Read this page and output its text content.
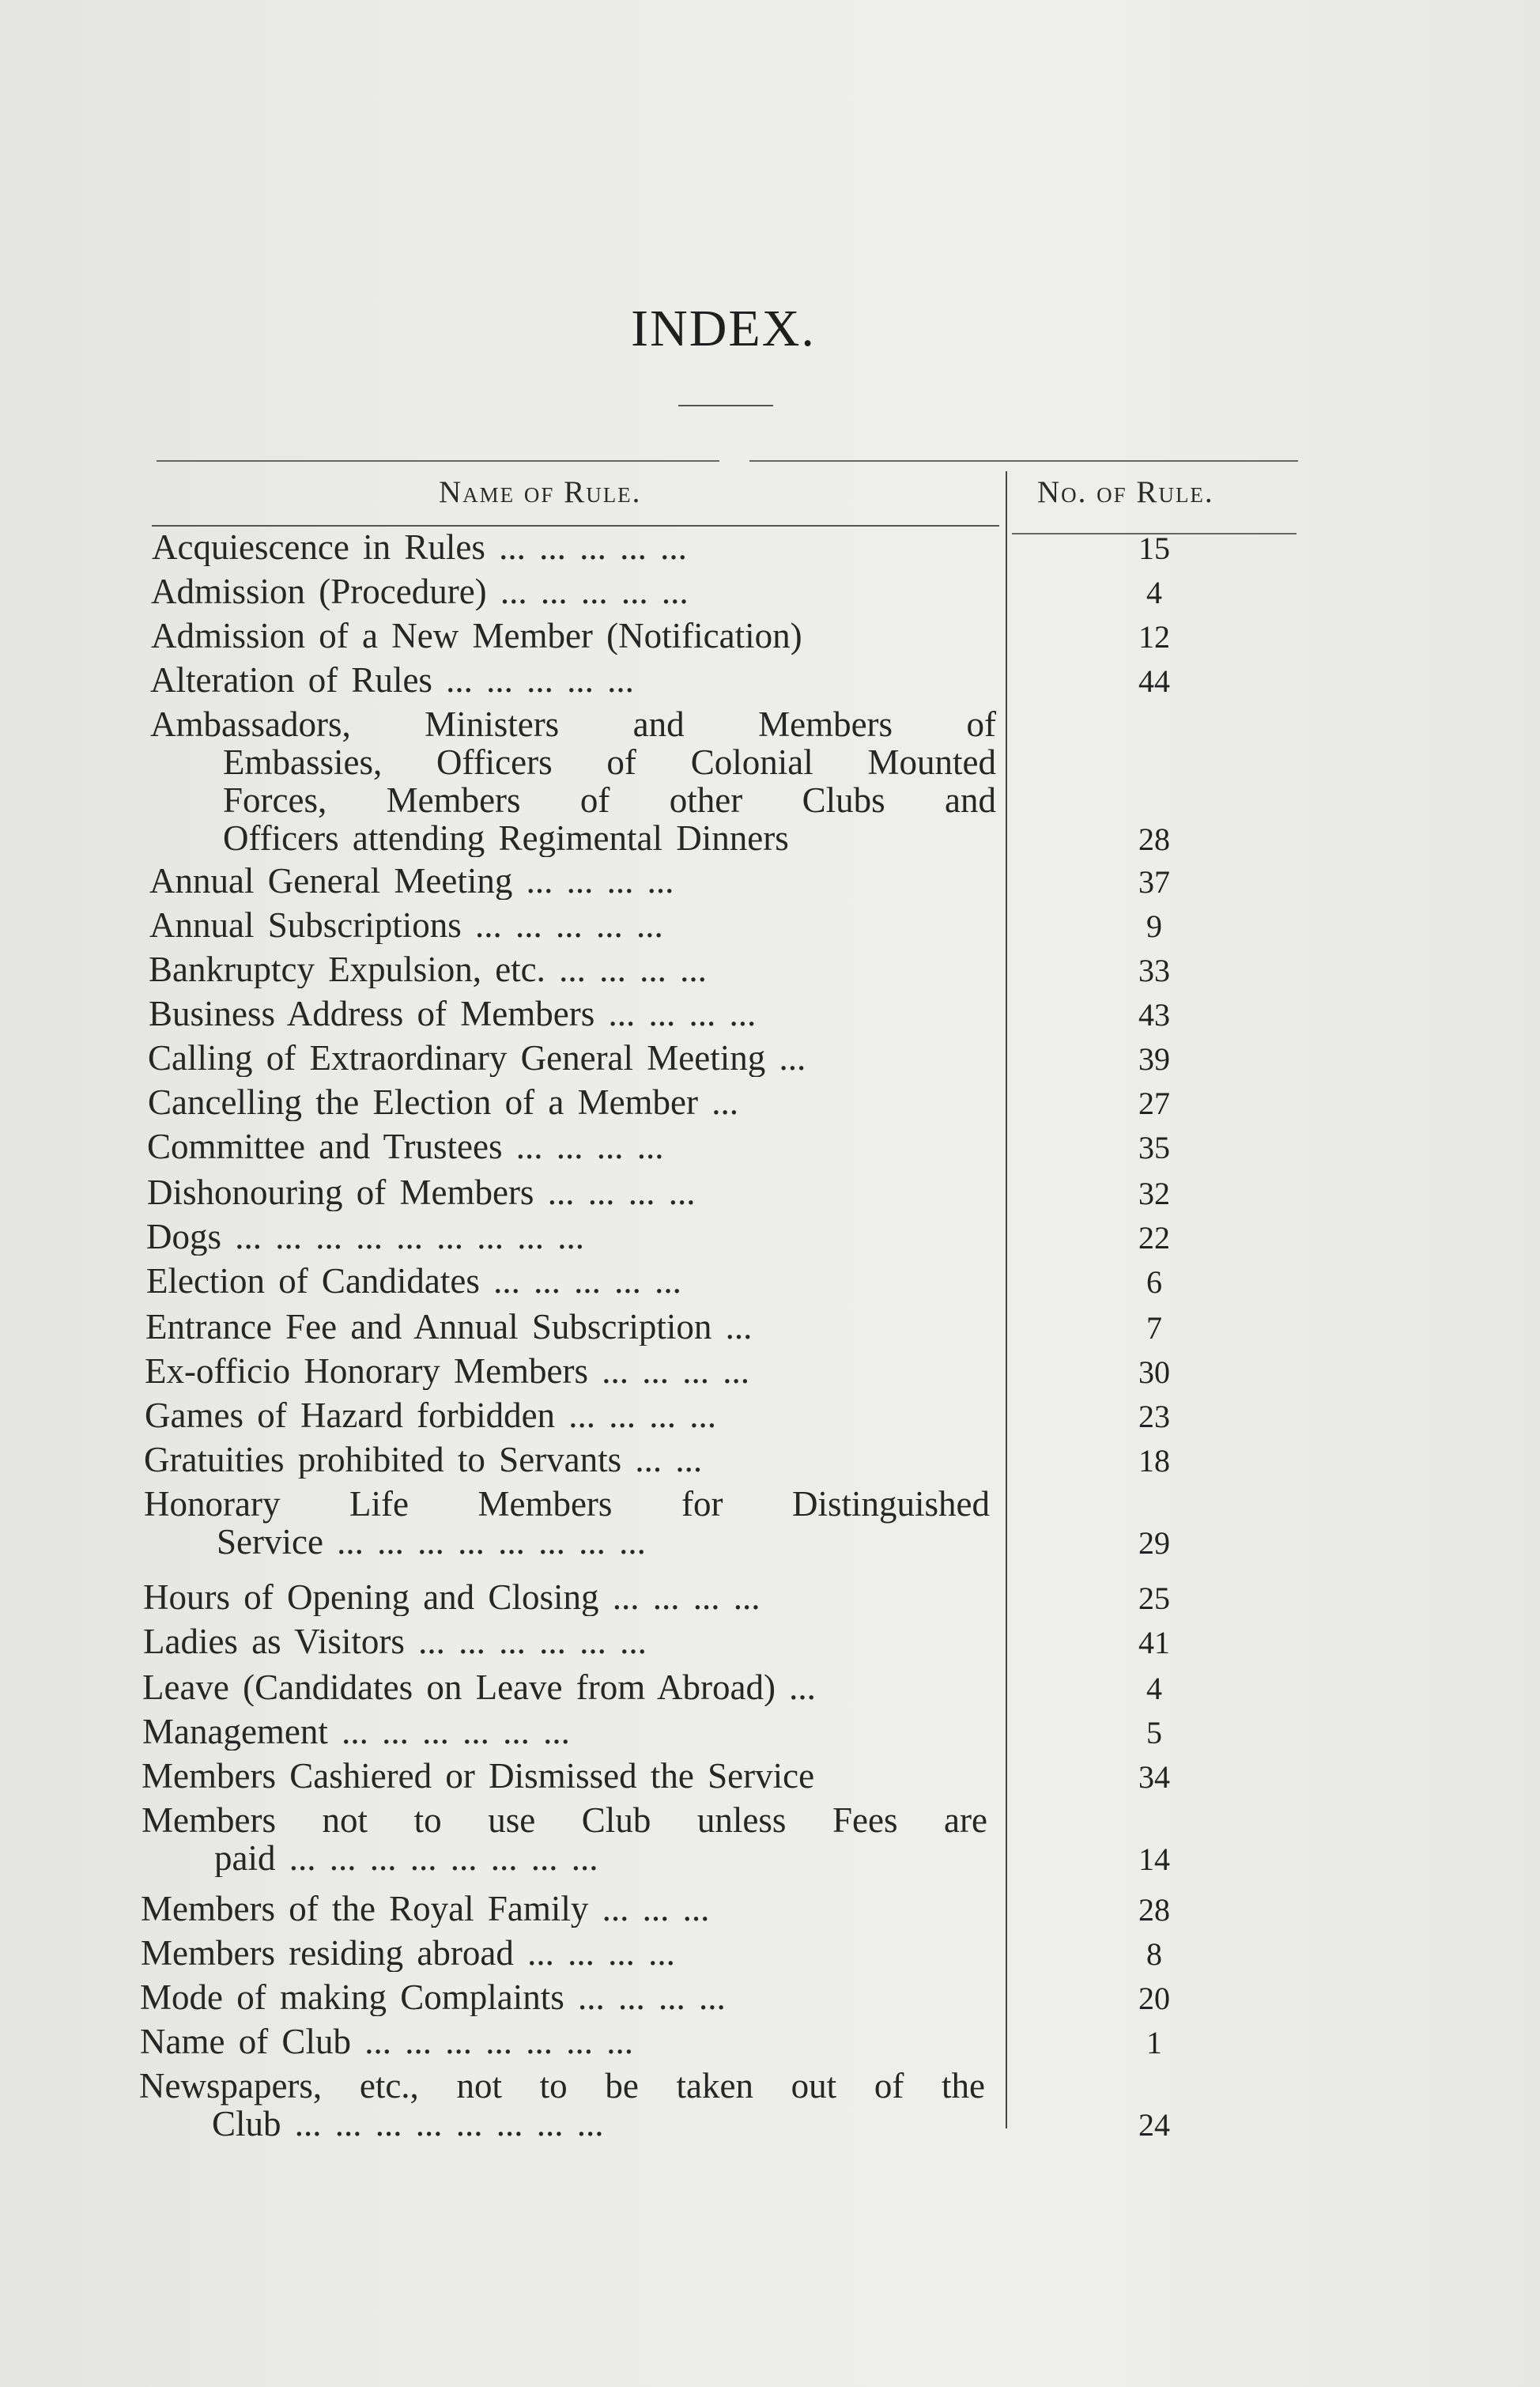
INDEX.
Name of Rule.	No. of Rule.
Acquiescence in Rules ... ... ... ... ...	15
Admission (Procedure) ... ... ... ... ...	4
Admission of a New Member (Notification)	12
Alteration of Rules ... ... ... ... ...	44
Ambassadors, Ministers and Members of
Embassies, Officers of Colonial Mounted
Forces, Members of other Clubs and
Officers attending Regimental Dinners	28
Annual General Meeting ... ... ... ...	37
Annual Subscriptions ... ... ... ... ...	9
Bankruptcy Expulsion, etc. ... ... ... ...	33
Business Address of Members ... ... ... ...	43
Calling of Extraordinary General Meeting ...	39
Cancelling the Election of a Member ...	27
Committee and Trustees ... ... ... ...	35
Dishonouring of Members ... ... ... ...	32
Dogs ... ... ... ... ... ... ... ... ...	22
Election of Candidates ... ... ... ... ...	6
Entrance Fee and Annual Subscription ...	7
Ex-officio Honorary Members ... ... ... ...	30
Games of Hazard forbidden ... ... ... ...	23
Gratuities prohibited to Servants ... ...	18
Honorary Life Members for Distinguished
Service ... ... ... ... ... ... ... ...	29
Hours of Opening and Closing ... ... ... ...	25
Ladies as Visitors ... ... ... ... ... ...	41
Leave (Candidates on Leave from Abroad) ...	4
Management ... ... ... ... ... ...	5
Members Cashiered or Dismissed the Service	34
Members not to use Club unless Fees are
paid ... ... ... ... ... ... ... ...	14
Members of the Royal Family ... ... ...	28
Members residing abroad ... ... ... ...	8
Mode of making Complaints ... ... ... ...	20
Name of Club ... ... ... ... ... ... ...	1
Newspapers, etc., not to be taken out of the
Club ... ... ... ... ... ... ... ...	24
